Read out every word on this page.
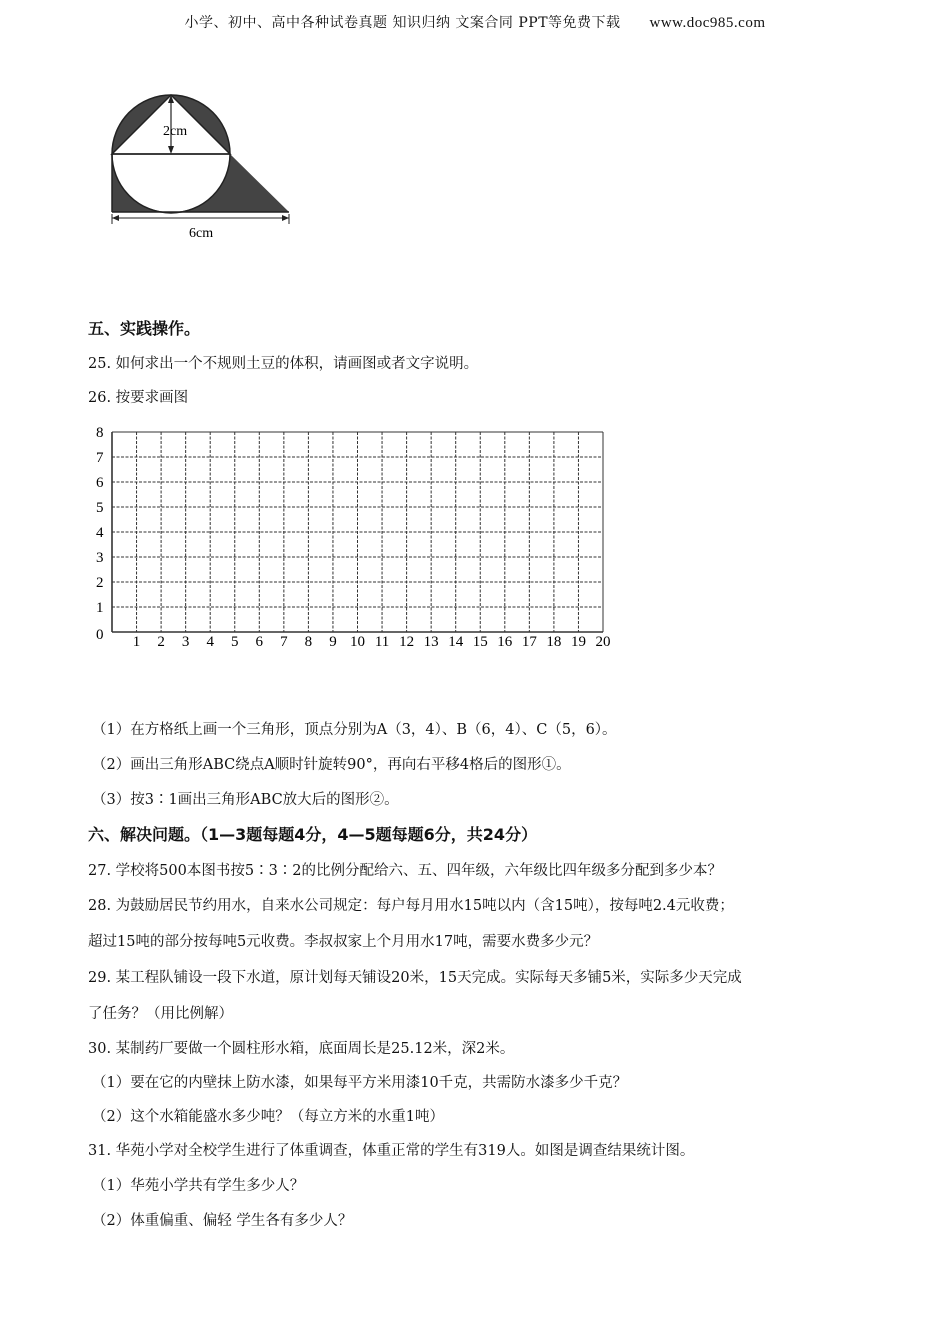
小学、初中、高中各种试卷真题 知识归纳 文案合同 PPT等免费下载 www.doc985.com
2cm
6cm
五、实践操作。
25. 如何求出一个不规则土豆的体积，请画图或者文字说明。
26. 按要求画图
0
1
2
3
4
5
6
7
8
1 2 3 4 5 6 7 8 9 10 11 12 13 14 15 16 17 18 19 20
（1）在方格纸上画一个三角形，顶点分别为A（3，4）、B（6，4）、C（5，6）。
（2）画出三角形ABC绕点A顺时针旋转90°，再向右平移4格后的图形①。
（3）按3∶1画出三角形ABC放大后的图形②。
六、解决问题。（1—3题每题4分，4—5题每题6分，共24分）
27. 学校将500本图书按5∶3∶2的比例分配给六、五、四年级，六年级比四年级多分配到多少本？
28. 为鼓励居民节约用水，自来水公司规定：每户每月用水15吨以内（含15吨），按每吨2.4元收费；
超过15吨的部分按每吨5元收费。李叔叔家上个月用水17吨，需要水费多少元？
29. 某工程队铺设一段下水道，原计划每天铺设20米，15天完成。实际每天多铺5米，实际多少天完成
了任务？（用比例解）
30. 某制药厂要做一个圆柱形水箱，底面周长是25.12米，深2米。
（1）要在它的内壁抹上防水漆，如果每平方米用漆10千克，共需防水漆多少千克？
（2）这个水箱能盛水多少吨？（每立方米的水重1吨）
31. 华苑小学对全校学生进行了体重调查，体重正常的学生有319人。如图是调查结果统计图。
（1）华苑小学共有学生多少人？
（2）体重偏重、偏轻 学生各有多少人？
